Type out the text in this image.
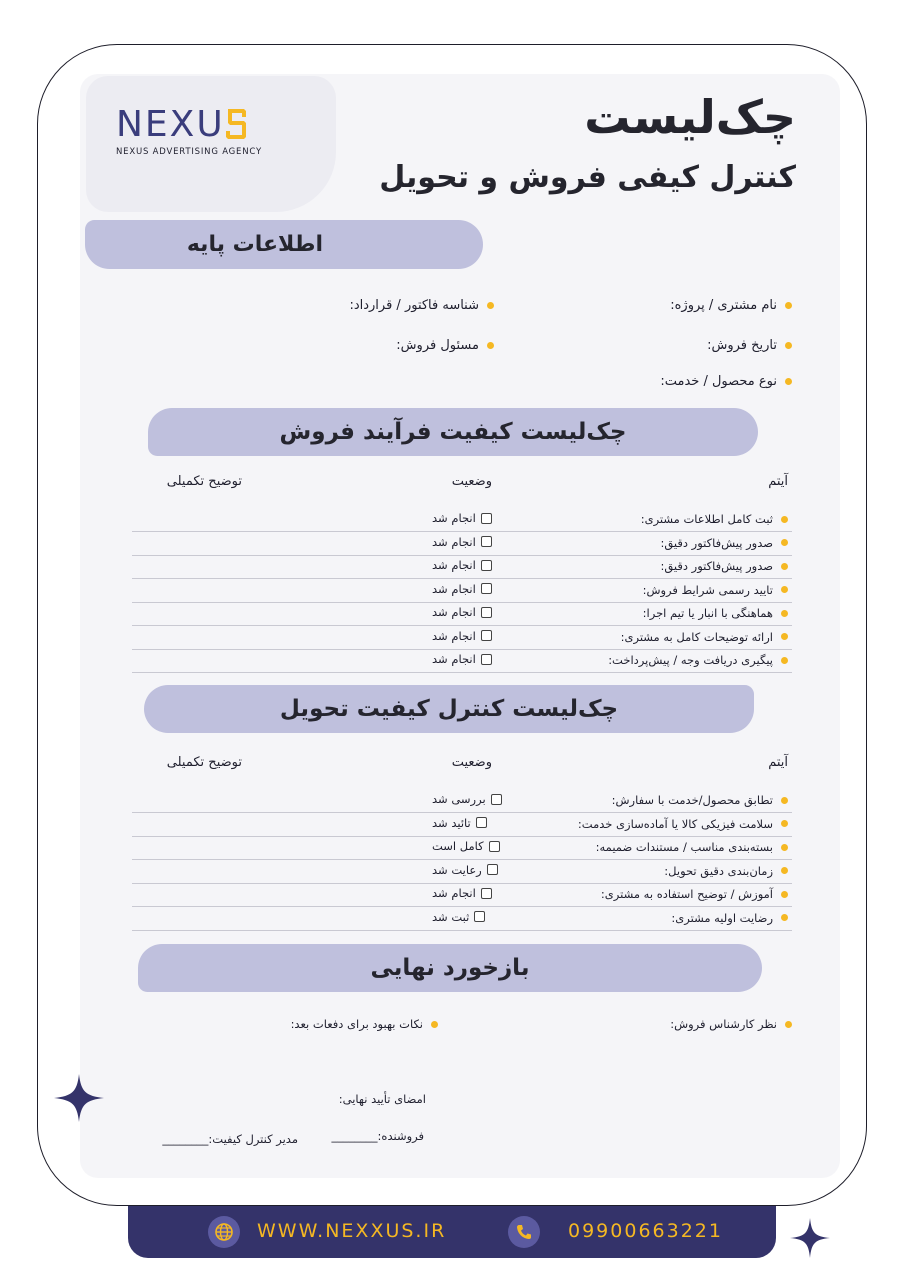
NEXU
NEXUS ADVERTISING AGENCY
چک‌لیست
کنترل کیفی فروش و تحویل
اطلاعات پایه
نام مشتری / پروژه:
شناسه فاکتور / قرارداد:
تاریخ فروش:
مسئول فروش:
نوع محصول / خدمت:
چک‌لیست کیفیت فرآیند فروش
آیتم
وضعیت
توضیح تکمیلی
ثبت کامل اطلاعات مشتری:
انجام شد
صدور پیش‌فاکتور دقیق:
انجام شد
صدور پیش‌فاکتور دقیق:
انجام شد
تایید رسمی شرایط فروش:
انجام شد
هماهنگی با انبار یا تیم اجرا:
انجام شد
ارائه توضیحات کامل به مشتری:
انجام شد
پیگیری دریافت وجه / پیش‌پرداخت:
انجام شد
چک‌لیست کنترل کیفیت تحویل
آیتم
وضعیت
توضیح تکمیلی
تطابق محصول/خدمت با سفارش:
بررسی شد
سلامت فیزیکی کالا یا آماده‌سازی خدمت:
تائید شد
بسته‌بندی مناسب / مستندات ضمیمه:
کامل است
زمان‌بندی دقیق تحویل:
رعایت شد
آموزش / توضیح استفاده به مشتری:
انجام شد
رضایت اولیه مشتری:
ثبت شد
بازخورد نهایی
نظر کارشناس فروش:
نکات بهبود برای دفعات بعد:
امضای تأیید نهایی:
فروشنده:________
مدیر کنترل کیفیت:________
WWW.NEXXUS.IR	09900663221
